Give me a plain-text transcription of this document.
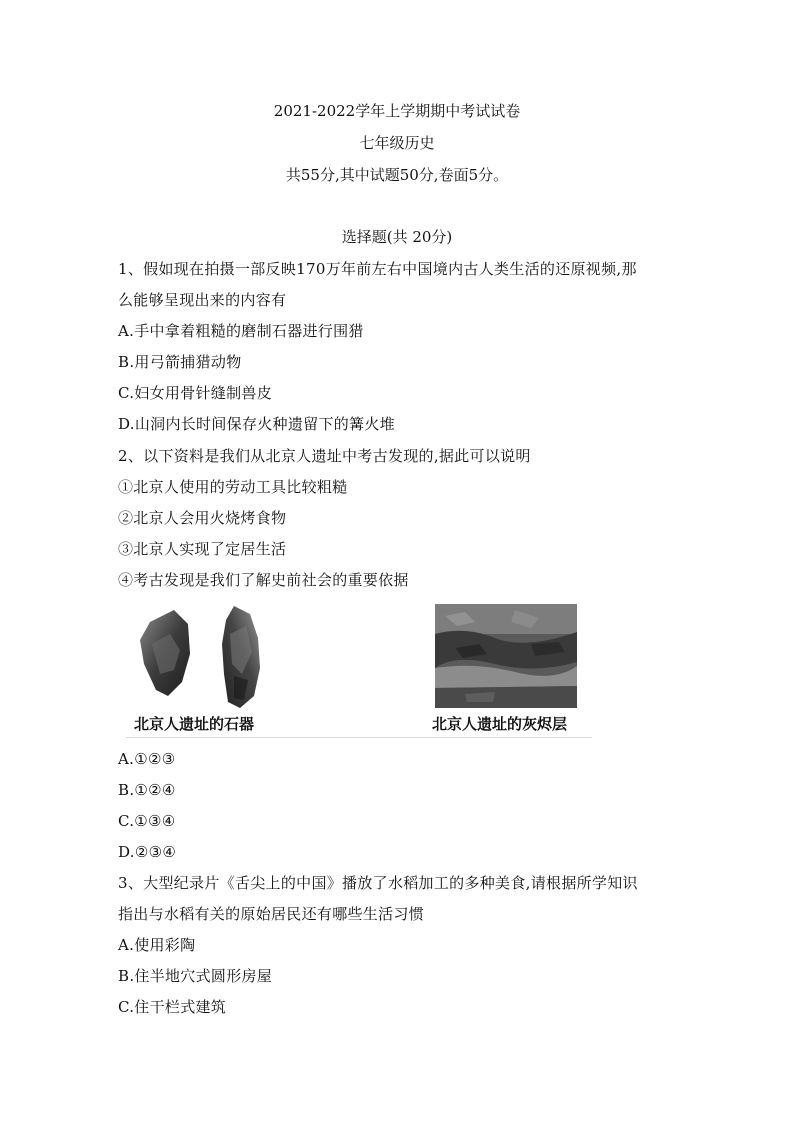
2021-2022学年上学期期中考试试卷
七年级历史
共55分,其中试题50分,卷面5分。
选择题(共 20分)
1、假如现在拍摄一部反映170万年前左右中国境内古人类生活的还原视频,那
么能够呈现出来的内容有
A.手中拿着粗糙的磨制石器进行围猎
B.用弓箭捕猎动物
C.妇女用骨针缝制兽皮
D.山洞内长时间保存火种遗留下的篝火堆
2、以下资料是我们从北京人遗址中考古发现的,据此可以说明
①北京人使用的劳动工具比较粗糙
②北京人会用火烧烤食物
③北京人实现了定居生活
④考古发现是我们了解史前社会的重要依据
北京人遗址的石器	北京人遗址的灰烬层
A.①②③
B.①②④
C.①③④
D.②③④
3、大型纪录片《舌尖上的中国》播放了水稻加工的多种美食,请根据所学知识
指出与水稻有关的原始居民还有哪些生活习惯
A.使用彩陶
B.住半地穴式圆形房屋
C.住干栏式建筑
